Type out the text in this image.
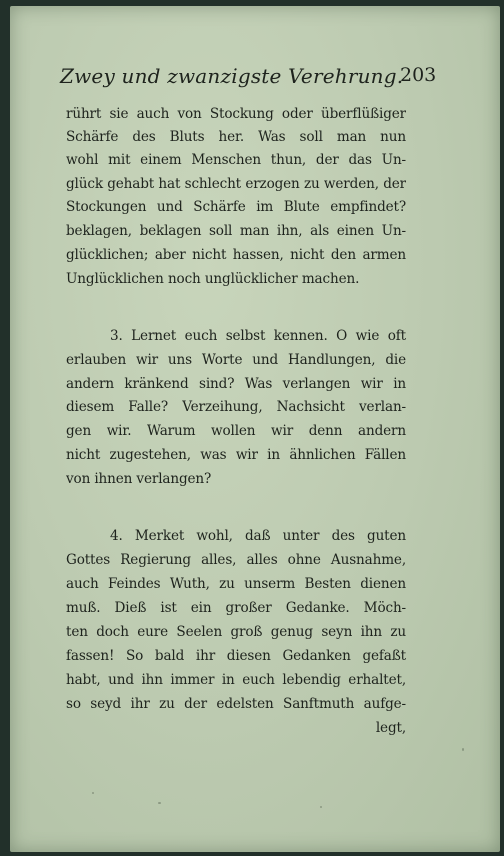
Zwey und zwanzigste Verehrung.
203
rührt sie auch von Stockung oder überflüßiger
Schärfe des Bluts her. Was soll man nun
wohl mit einem Menschen thun, der das Un-
glück gehabt hat schlecht erzogen zu werden, der
Stockungen und Schärfe im Blute empfindet?
beklagen, beklagen soll man ihn, als einen Un-
glücklichen; aber nicht hassen, nicht den armen
Unglücklichen noch unglücklicher machen.
3. Lernet euch selbst kennen. O wie oft
erlauben wir uns Worte und Handlungen, die
andern kränkend sind? Was verlangen wir in
diesem Falle? Verzeihung, Nachsicht verlan-
gen wir. Warum wollen wir denn andern
nicht zugestehen, was wir in ähnlichen Fällen
von ihnen verlangen?
4. Merket wohl, daß unter des guten
Gottes Regierung alles, alles ohne Ausnahme,
auch Feindes Wuth, zu unserm Besten dienen
muß. Dieß ist ein großer Gedanke. Möch-
ten doch eure Seelen groß genug seyn ihn zu
fassen! So bald ihr diesen Gedanken gefaßt
habt, und ihn immer in euch lebendig erhaltet,
so seyd ihr zu der edelsten Sanftmuth aufge-
legt,
